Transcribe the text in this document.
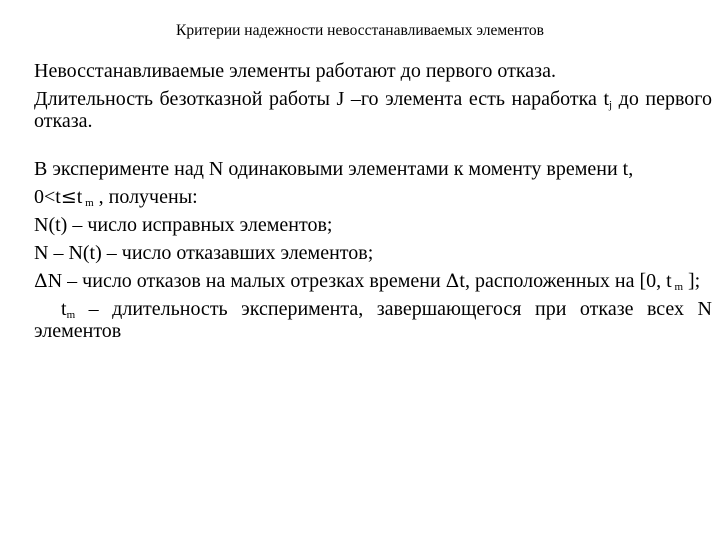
Критерии надежности невосстанавливаемых элементов

Невосстанавливаемые элементы работают до первого отказа.

Длительность безотказной работы J –го элемента есть наработка $t_j$ до первого отказа.

В эксперименте над N одинаковыми элементами к моменту времени t,

0<t≤t $_m$ , получены:

N(t) – число исправных элементов;

N – N(t) – число отказавших элементов;

ΔN – число отказов на малых отрезках времени Δt, расположенных на [0, t $_m$ ];

$t_m$ – длительность эксперимента, завершающегося при отказе всех N элементов
